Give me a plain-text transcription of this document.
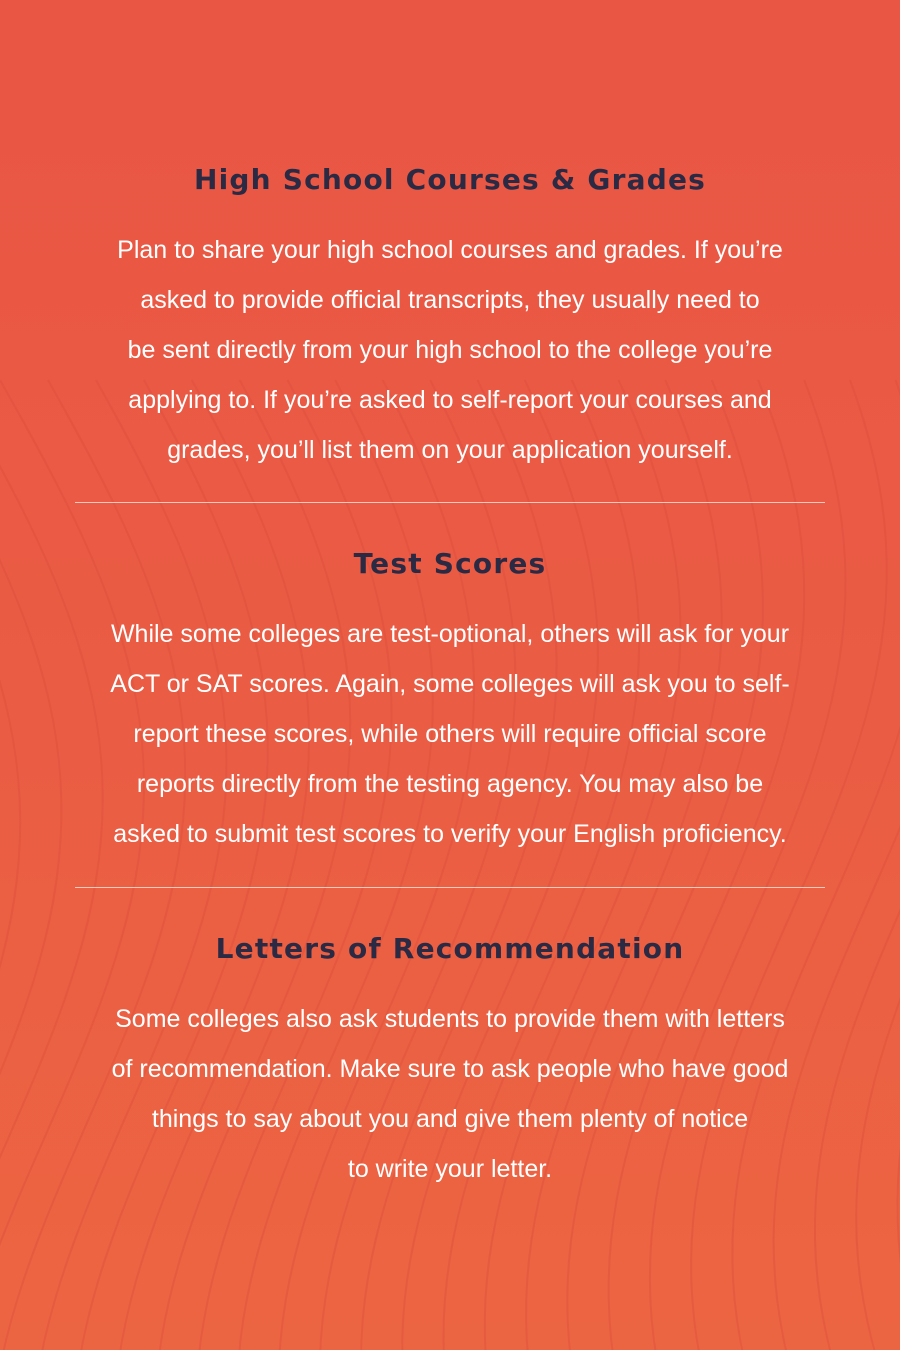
High School Courses & Grades

Plan to share your high school courses and grades. If you’re
asked to provide official transcripts, they usually need to
be sent directly from your high school to the college you’re
applying to. If you’re asked to self-report your courses and
grades, you’ll list them on your application yourself.

Test Scores

While some colleges are test-optional, others will ask for your
ACT or SAT scores. Again, some colleges will ask you to self-
report these scores, while others will require official score
reports directly from the testing agency. You may also be
asked to submit test scores to verify your English proficiency.

Letters of Recommendation

Some colleges also ask students to provide them with letters
of recommendation. Make sure to ask people who have good
things to say about you and give them plenty of notice
to write your letter.
